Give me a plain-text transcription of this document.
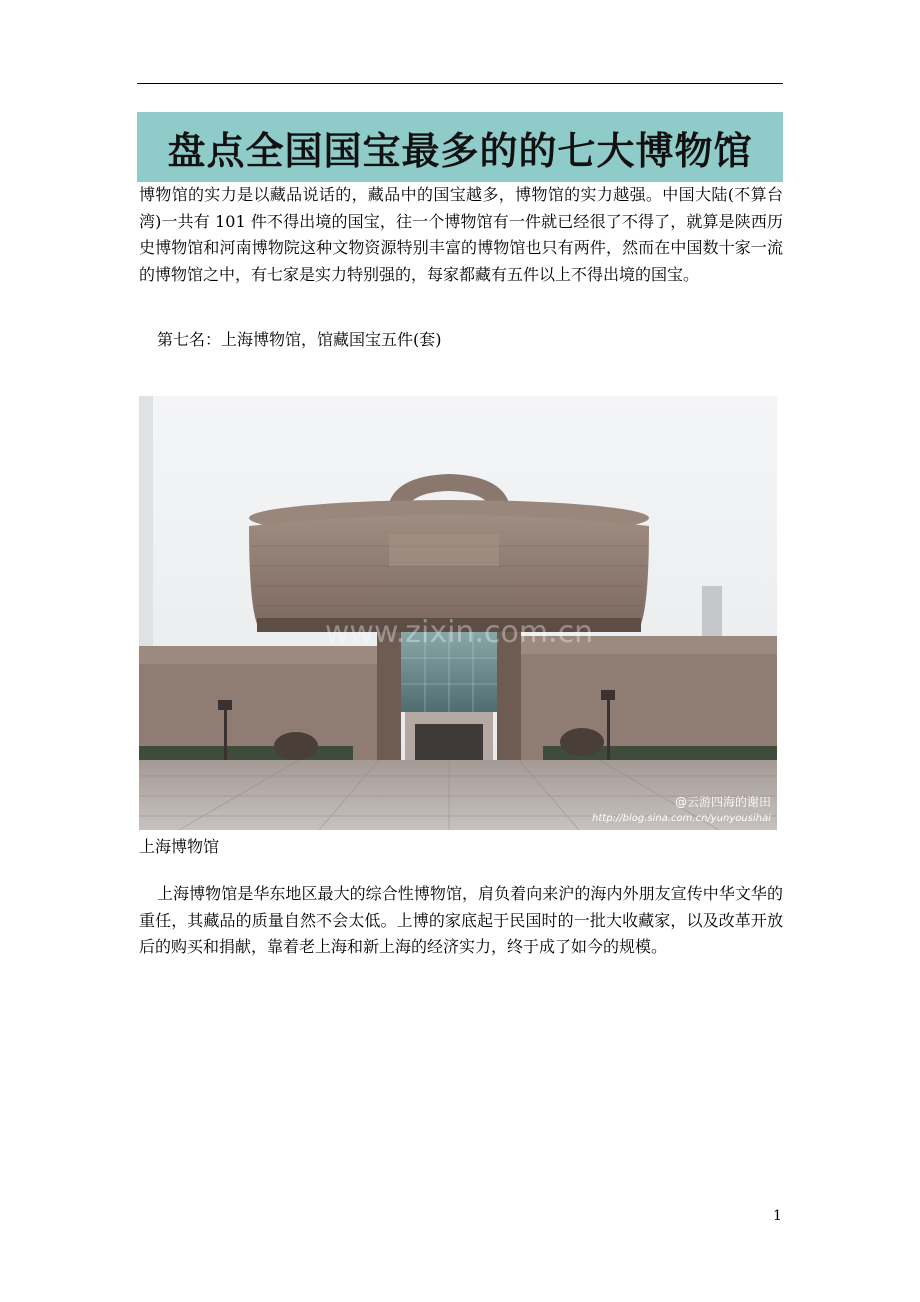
盘点全国国宝最多的的七大博物馆

博物馆的实力是以藏品说话的，藏品中的国宝越多，博物馆的实力越强。中国大陆(不算台湾)一共有 101 件不得出境的国宝，往一个博物馆有一件就已经很了不得了，就算是陕西历史博物馆和河南博物院这种文物资源特别丰富的博物馆也只有两件，然而在中国数十家一流的博物馆之中，有七家是实力特别强的，每家都藏有五件以上不得出境的国宝。

第七名：上海博物馆，馆藏国宝五件(套)
www.zixin.com.cn
@云游四海的谢田
http://blog.sina.com.cn/yunyousihai
上海博物馆

上海博物馆是华东地区最大的综合性博物馆，肩负着向来沪的海内外朋友宣传中华文华的重任，其藏品的质量自然不会太低。上博的家底起于民国时的一批大收藏家，以及改革开放后的购买和捐献，靠着老上海和新上海的经济实力，终于成了如今的规模。

1
